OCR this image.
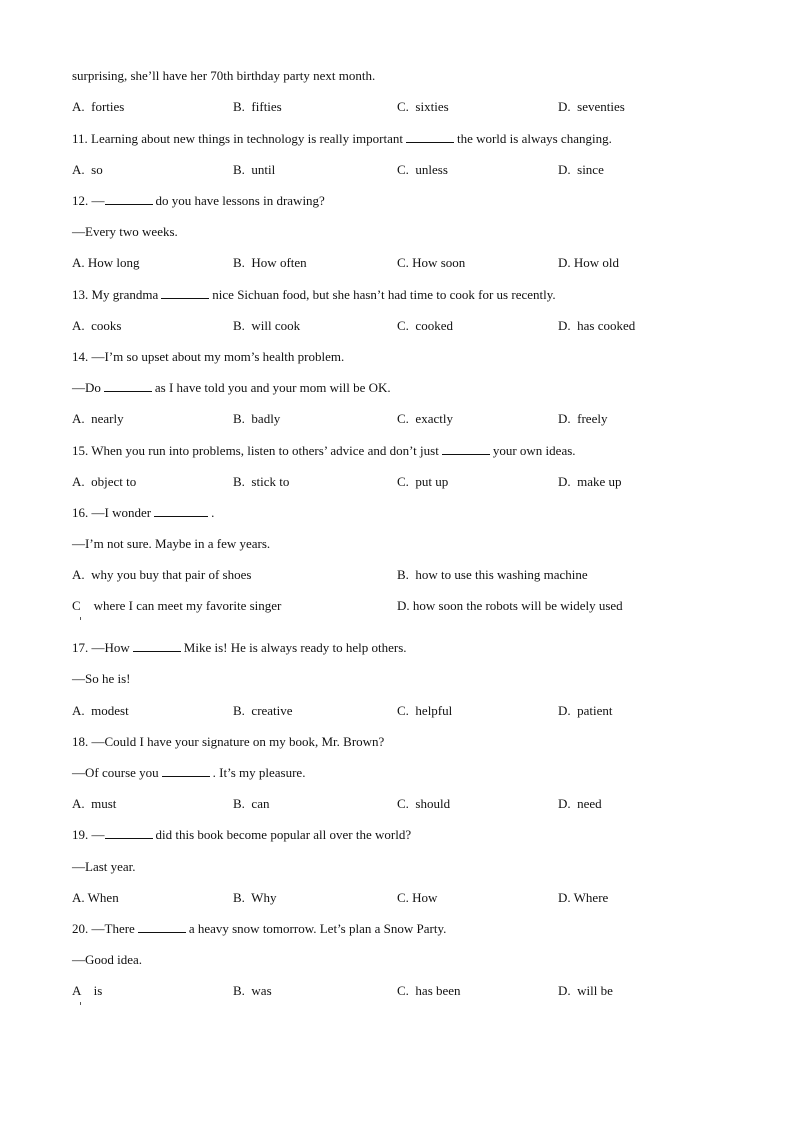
surprising, she’ll have her 70th birthday party next month.
A.  forties	B.  fifties	C.  sixties	D.  seventies
11. Learning about new things in technology is really important	the world is always changing.
A.  so	B.  until	C.  unless	D.  since
12. —	do you have lessons in drawing?
—Every two weeks.
A. How long	B.  How often	C. How soon	D. How old
13. My grandma	nice Sichuan food, but she hasn’t had time to cook for us recently.
A.  cooks	B.  will cook	C.  cooked	D.  has cooked
14. —I’m so upset about my mom’s health problem.
—Do	as I have told you and your mom will be OK.
A.  nearly	B.  badly	C.  exactly	D.  freely
15. When you run into problems, listen to others’ advice and don’t just	your own ideas.
A.  object to	B.  stick to	C.  put up	D.  make up
16. —I wonder	.
—I’m not sure. Maybe in a few years.
A.  why you buy that pair of shoes	B.  how to use this washing machine
C    where I can meet my favorite singer	D. how soon the robots will be widely used
17. —How	Mike is! He is always ready to help others.
—So he is!
A.  modest	B.  creative	C.  helpful	D.  patient
18. —Could I have your signature on my book, Mr. Brown?
—Of course you	. It’s my pleasure.
A.  must	B.  can	C.  should	D.  need
19. —	did this book become popular all over the world?
—Last year.
A. When	B.  Why	C. How	D. Where
20. —There	a heavy snow tomorrow. Let’s plan a Snow Party.
—Good idea.
A    is	B.  was	C.  has been	D.  will be
